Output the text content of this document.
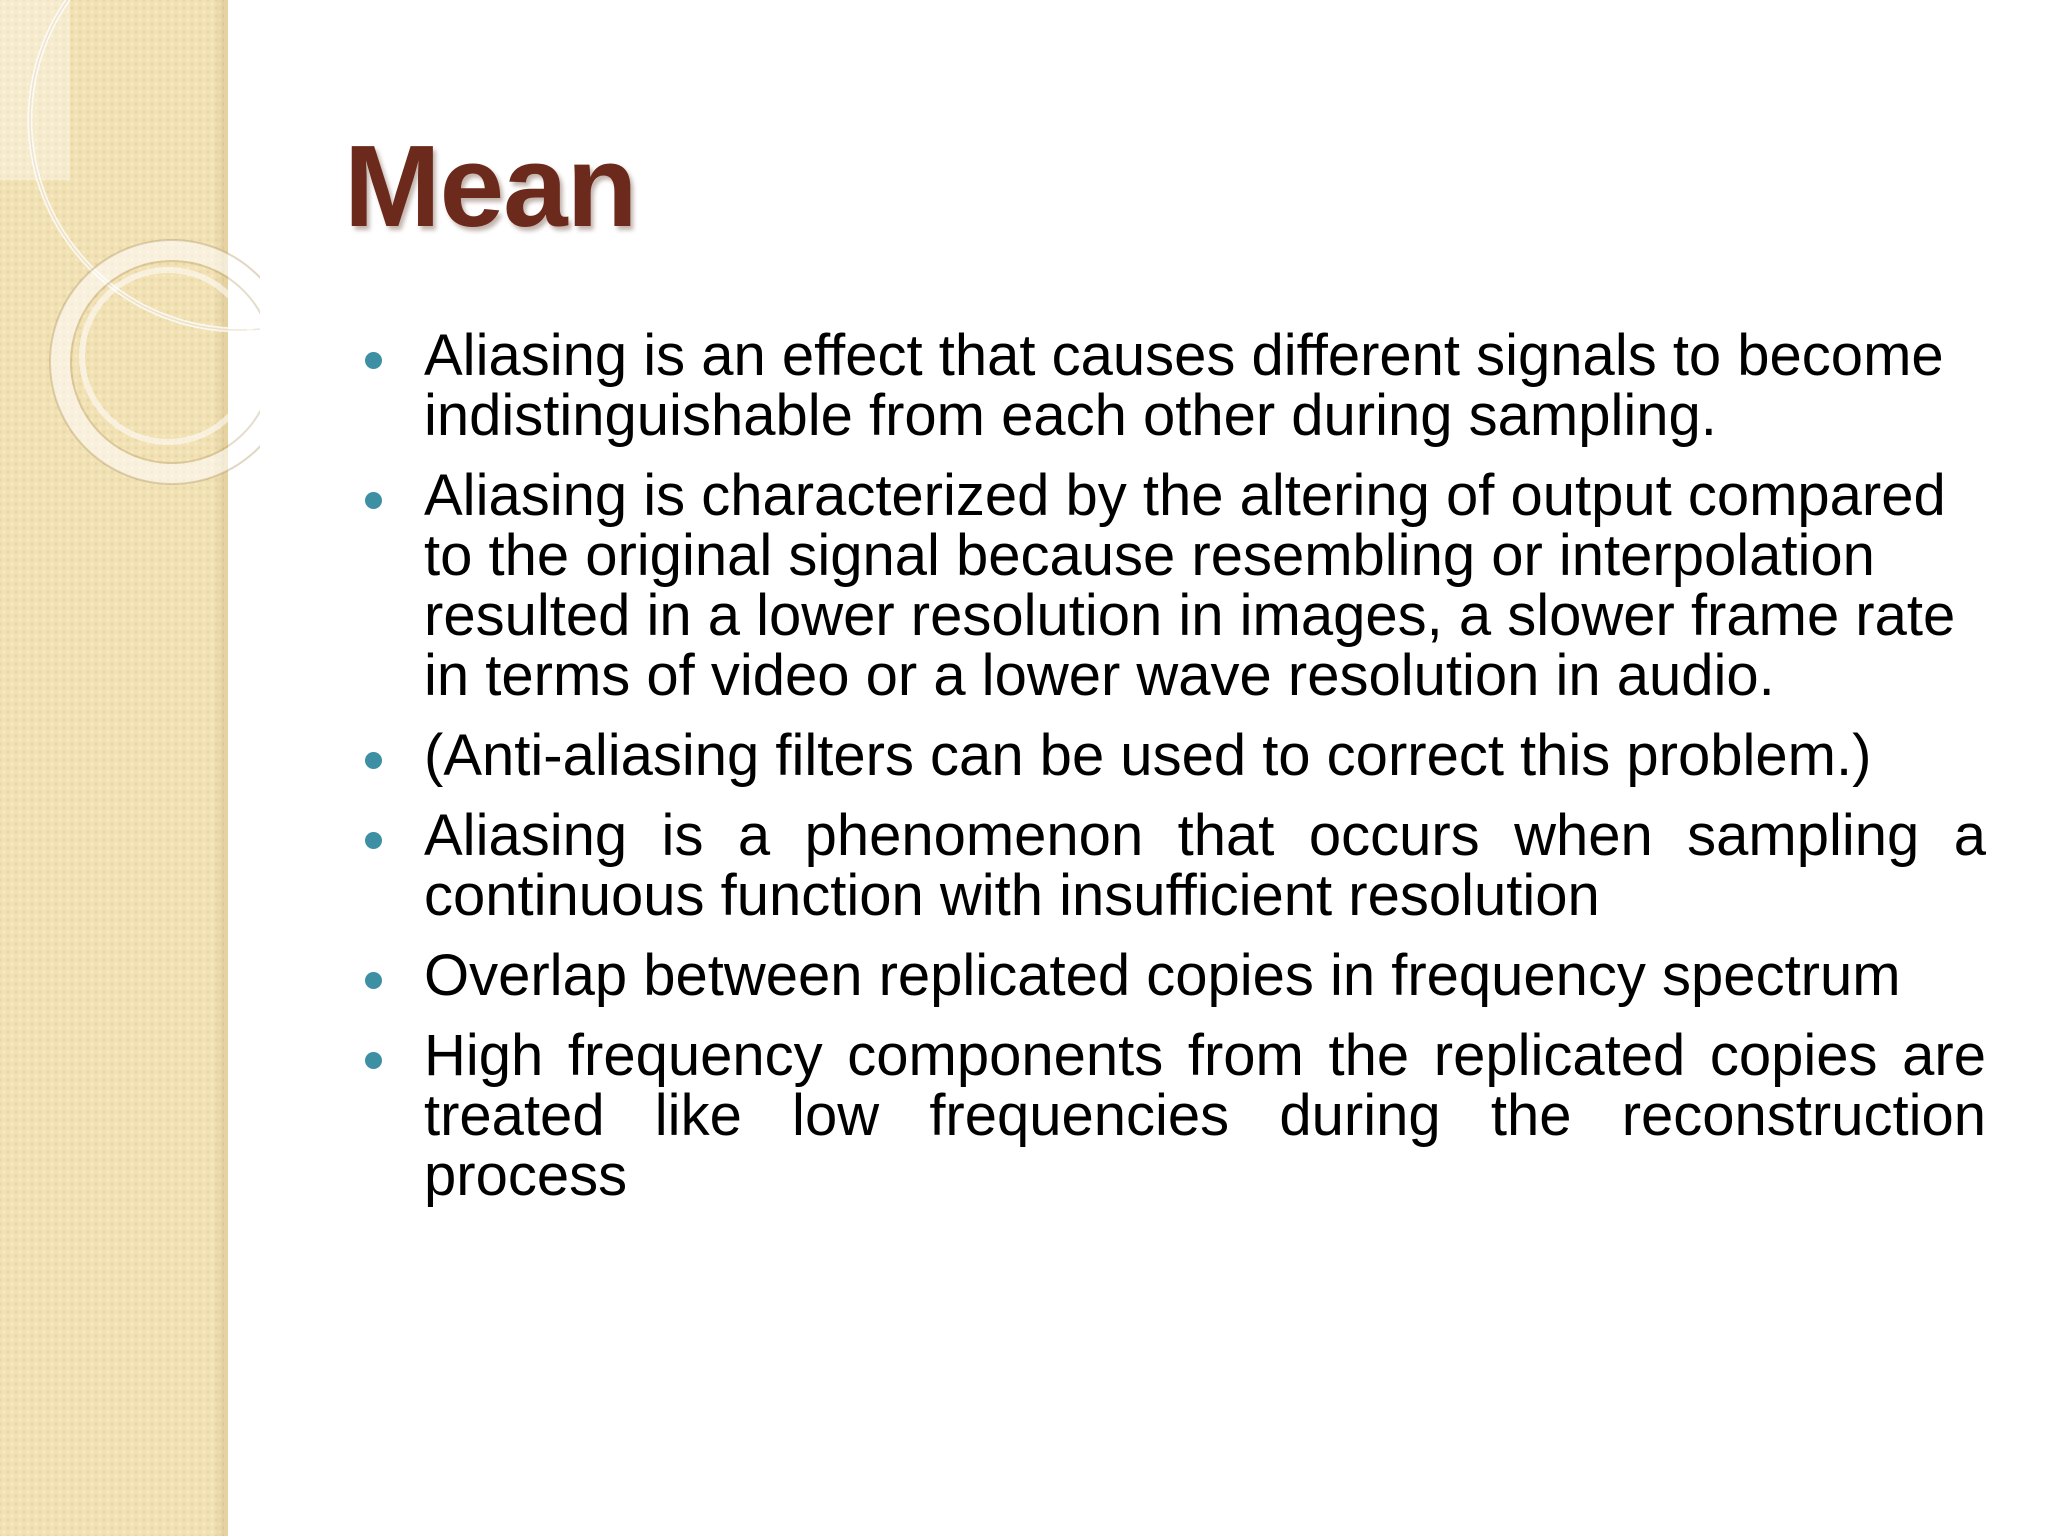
Mean
Aliasing is an effect that causes different signals to become indistinguishable from each other during sampling.
Aliasing is characterized by the altering of output compared to the original signal because resembling or interpolation resulted in a lower resolution in images, a slower frame rate in terms of video or a lower wave resolution in audio.
(Anti-aliasing filters can be used to correct this problem.)
Aliasing is a phenomenon that occurs when sampling a continuous function with insufficient resolution
Overlap between replicated copies in frequency spectrum
High frequency components from the replicated copies are treated like low frequencies during the reconstruction process
